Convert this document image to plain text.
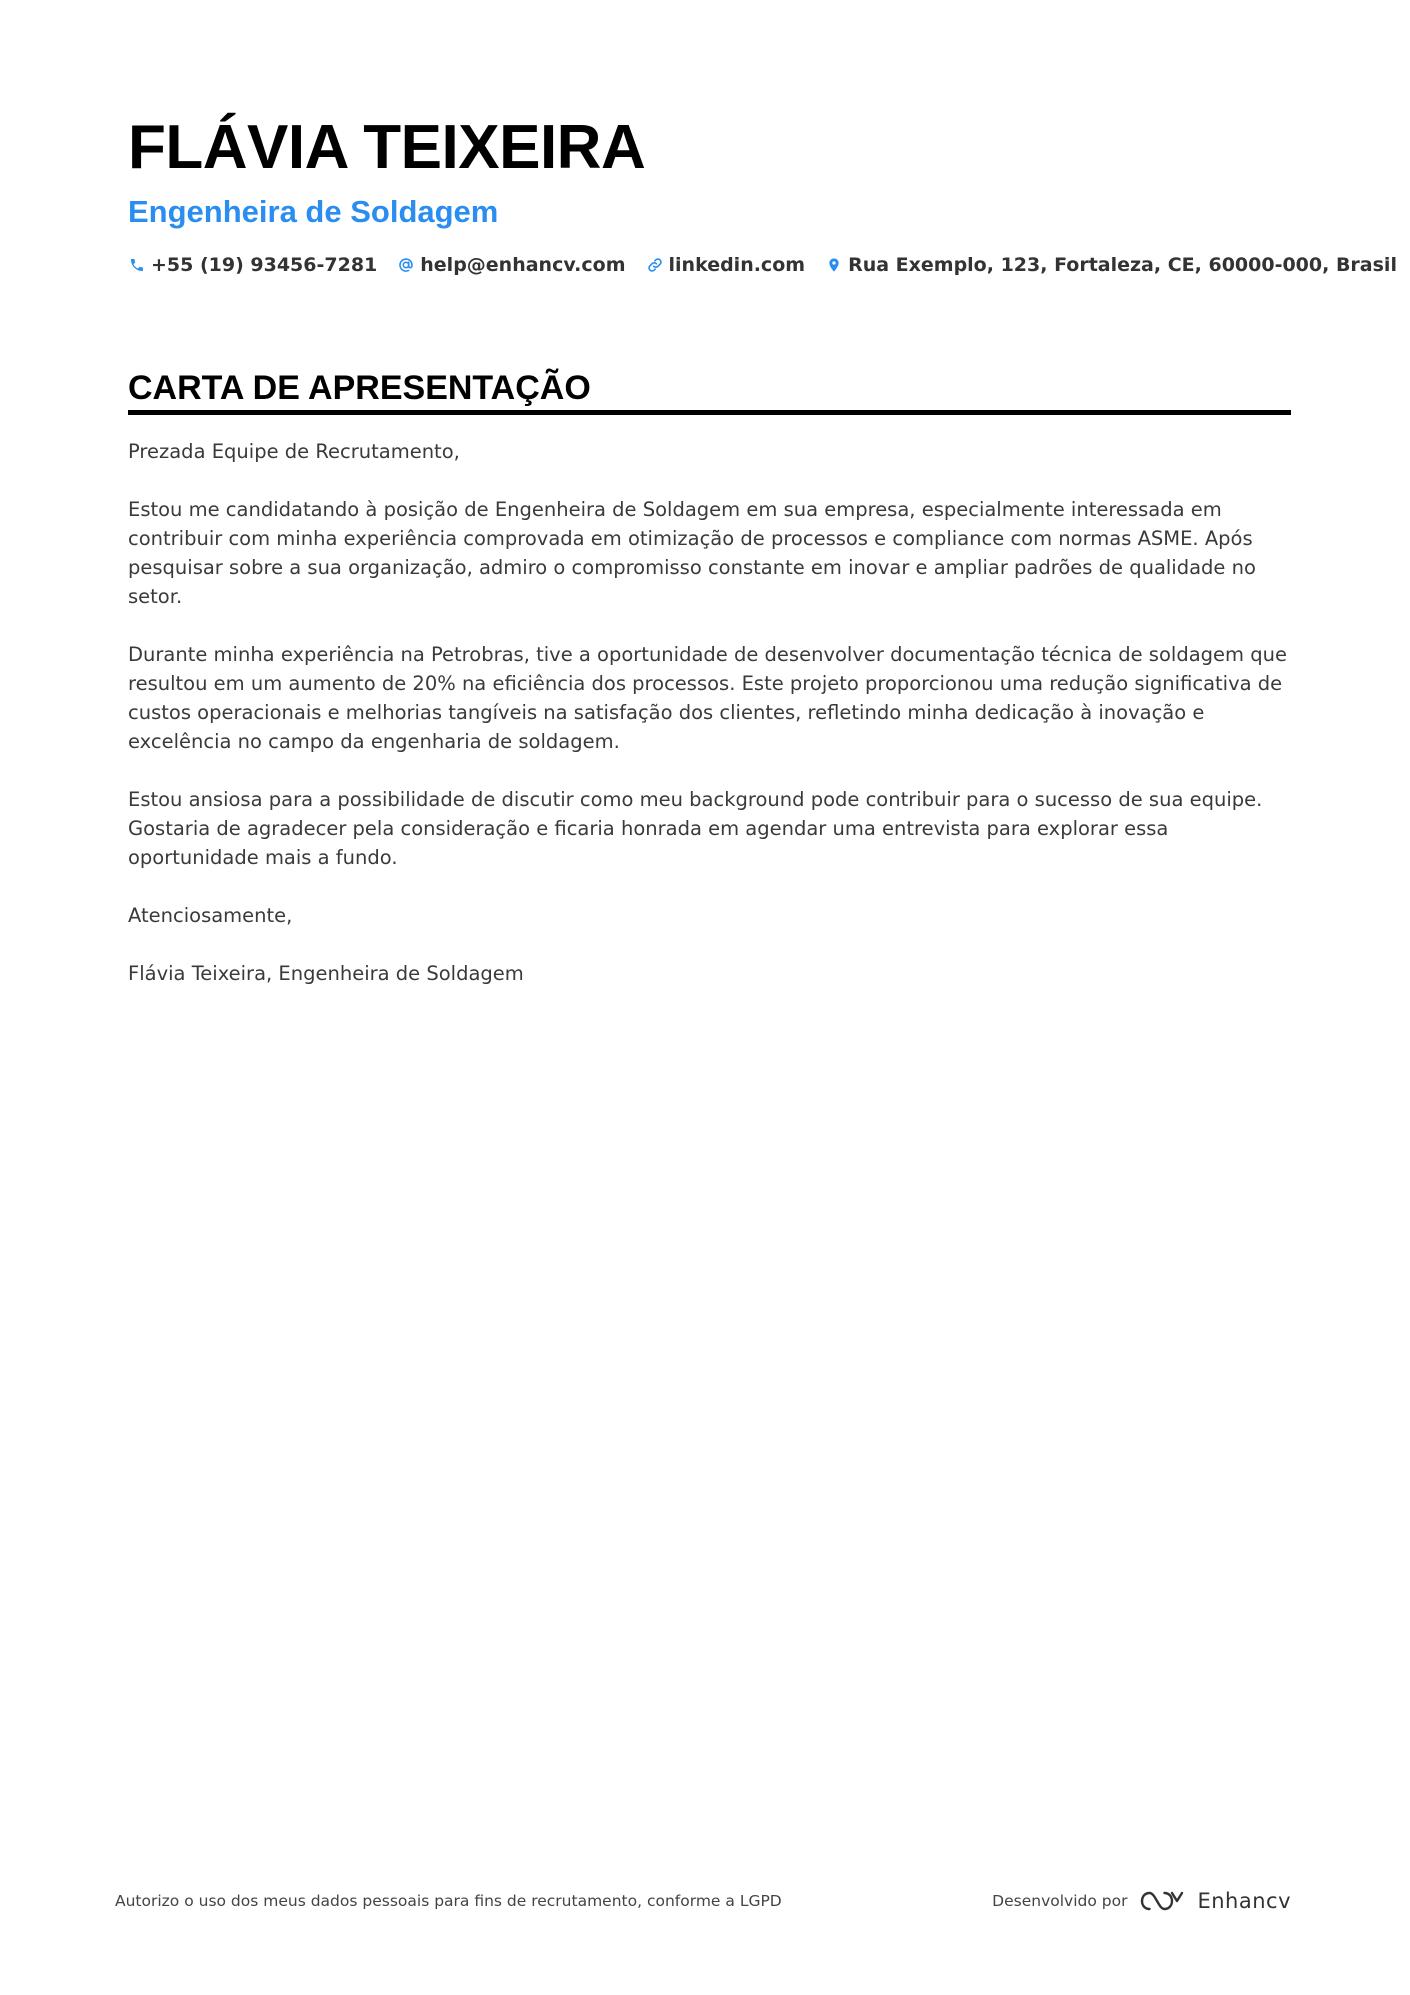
FLÁVIA TEIXEIRA
Engenheira de Soldagem
+55 (19) 93456-7281 help@enhancv.com linkedin.com Rua Exemplo, 123, Fortaleza, CE, 60000-000, Brasil
CARTA DE APRESENTAÇÃO

Prezada Equipe de Recrutamento,

Estou me candidatando à posição de Engenheira de Soldagem em sua empresa, especialmente interessada em contribuir com minha experiência comprovada em otimização de processos e compliance com normas ASME. Após pesquisar sobre a sua organização, admiro o compromisso constante em inovar e ampliar padrões de qualidade no setor.

Durante minha experiência na Petrobras, tive a oportunidade de desenvolver documentação técnica de soldagem que resultou em um aumento de 20% na eficiência dos processos. Este projeto proporcionou uma redução significativa de custos operacionais e melhorias tangíveis na satisfação dos clientes, refletindo minha dedicação à inovação e excelência no campo da engenharia de soldagem.

Estou ansiosa para a possibilidade de discutir como meu background pode contribuir para o sucesso de sua equipe. Gostaria de agradecer pela consideração e ficaria honrada em agendar uma entrevista para explorar essa oportunidade mais a fundo.

Atenciosamente,

Flávia Teixeira, Engenheira de Soldagem

Autorizo o uso dos meus dados pessoais para fins de recrutamento, conforme a LGPD	Desenvolvido por	Enhancv
